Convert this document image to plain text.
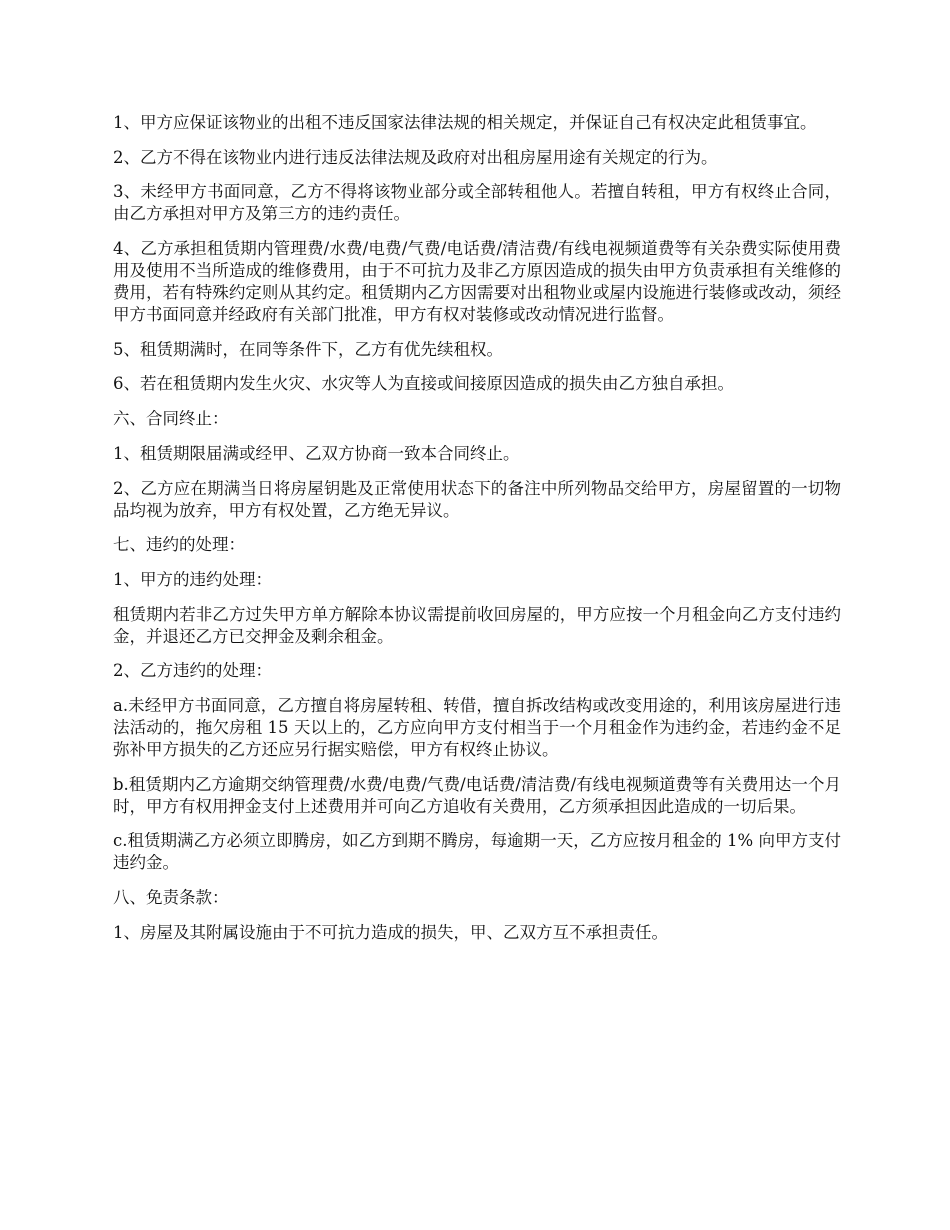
1、甲方应保证该物业的出租不违反国家法律法规的相关规定，并保证自己有权决定此租赁事宜。

2、乙方不得在该物业内进行违反法律法规及政府对出租房屋用途有关规定的行为。

3、未经甲方书面同意，乙方不得将该物业部分或全部转租他人。若擅自转租，甲方有权终止合同，由乙方承担对甲方及第三方的违约责任。

4、乙方承担租赁期内管理费/水费/电费/气费/电话费/清洁费/有线电视频道费等有关杂费实际使用费用及使用不当所造成的维修费用，由于不可抗力及非乙方原因造成的损失由甲方负责承担有关维修的费用，若有特殊约定则从其约定。租赁期内乙方因需要对出租物业或屋内设施进行装修或改动，须经甲方书面同意并经政府有关部门批准，甲方有权对装修或改动情况进行监督。

5、租赁期满时，在同等条件下，乙方有优先续租权。

6、若在租赁期内发生火灾、水灾等人为直接或间接原因造成的损失由乙方独自承担。

六、合同终止：

1、租赁期限届满或经甲、乙双方协商一致本合同终止。

2、乙方应在期满当日将房屋钥匙及正常使用状态下的备注中所列物品交给甲方，房屋留置的一切物品均视为放弃，甲方有权处置，乙方绝无异议。

七、违约的处理：

1、甲方的违约处理：

租赁期内若非乙方过失甲方单方解除本协议需提前收回房屋的，甲方应按一个月租金向乙方支付违约金，并退还乙方已交押金及剩余租金。

2、乙方违约的处理：

a.未经甲方书面同意，乙方擅自将房屋转租、转借，擅自拆改结构或改变用途的，利用该房屋进行违法活动的，拖欠房租 15 天以上的，乙方应向甲方支付相当于一个月租金作为违约金，若违约金不足弥补甲方损失的乙方还应另行据实赔偿，甲方有权终止协议。

b.租赁期内乙方逾期交纳管理费/水费/电费/气费/电话费/清洁费/有线电视频道费等有关费用达一个月时，甲方有权用押金支付上述费用并可向乙方追收有关费用，乙方须承担因此造成的一切后果。

c.租赁期满乙方必须立即腾房，如乙方到期不腾房，每逾期一天，乙方应按月租金的 1% 向甲方支付违约金。

八、免责条款：

1、房屋及其附属设施由于不可抗力造成的损失，甲、乙双方互不承担责任。
